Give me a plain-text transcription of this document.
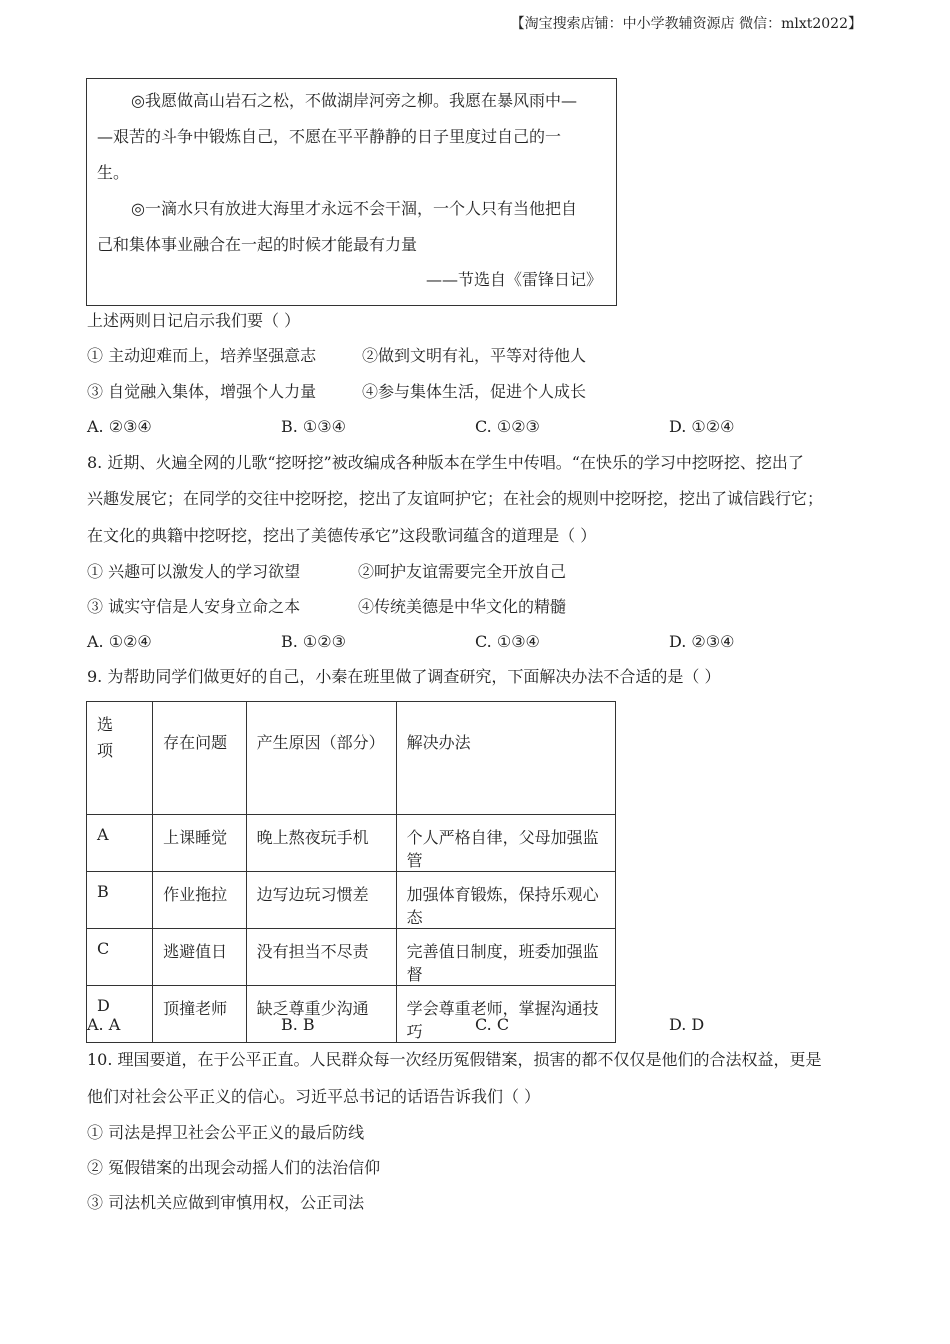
【淘宝搜索店铺：中小学教辅资源店 微信：mlxt2022】
◎我愿做高山岩石之松，不做湖岸河旁之柳。我愿在暴风雨中—
—艰苦的斗争中锻炼自己，不愿在平平静静的日子里度过自己的一
生。
◎一滴水只有放进大海里才永远不会干涸，一个人只有当他把自
己和集体事业融合在一起的时候才能最有力量
——节选自《雷锋日记》
上述两则日记启示我们要（ ）
① 主动迎难而上，培养坚强意志	②做到文明有礼，平等对待他人
③ 自觉融入集体，增强个人力量	④参与集体生活，促进个人成长
A. ②③④	B. ①③④	C. ①②③	D. ①②④
8. 近期、火遍全网的儿歌“挖呀挖”被改编成各种版本在学生中传唱。“在快乐的学习中挖呀挖、挖出了
兴趣发展它；在同学的交往中挖呀挖，挖出了友谊呵护它；在社会的规则中挖呀挖，挖出了诚信践行它；
在文化的典籍中挖呀挖，挖出了美德传承它”这段歌词蕴含的道理是（ ）
① 兴趣可以激发人的学习欲望	②呵护友谊需要完全开放自己
③ 诚实守信是人安身立命之本	④传统美德是中华文化的精髓
A. ①②④	B. ①②③	C. ①③④	D. ②③④
9. 为帮助同学们做更好的自己，小秦在班里做了调查研究，下面解决办法不合适的是（ ）
选
项	存在问题	产生原因（部分）	解决办法
A	上课睡觉	晚上熬夜玩手机	个人严格自律，父母加强监管
B	作业拖拉	边写边玩习惯差	加强体育锻炼，保持乐观心态
C	逃避值日	没有担当不尽责	完善值日制度，班委加强监督
D	顶撞老师	缺乏尊重少沟通	学会尊重老师，掌握沟通技巧
A. A	B. B	C. C	D. D
10. 理国要道，在于公平正直。人民群众每一次经历冤假错案，损害的都不仅仅是他们的合法权益，更是
他们对社会公平正义的信心。习近平总书记的话语告诉我们（ ）
① 司法是捍卫社会公平正义的最后防线
② 冤假错案的出现会动摇人们的法治信仰
③ 司法机关应做到审慎用权，公正司法
